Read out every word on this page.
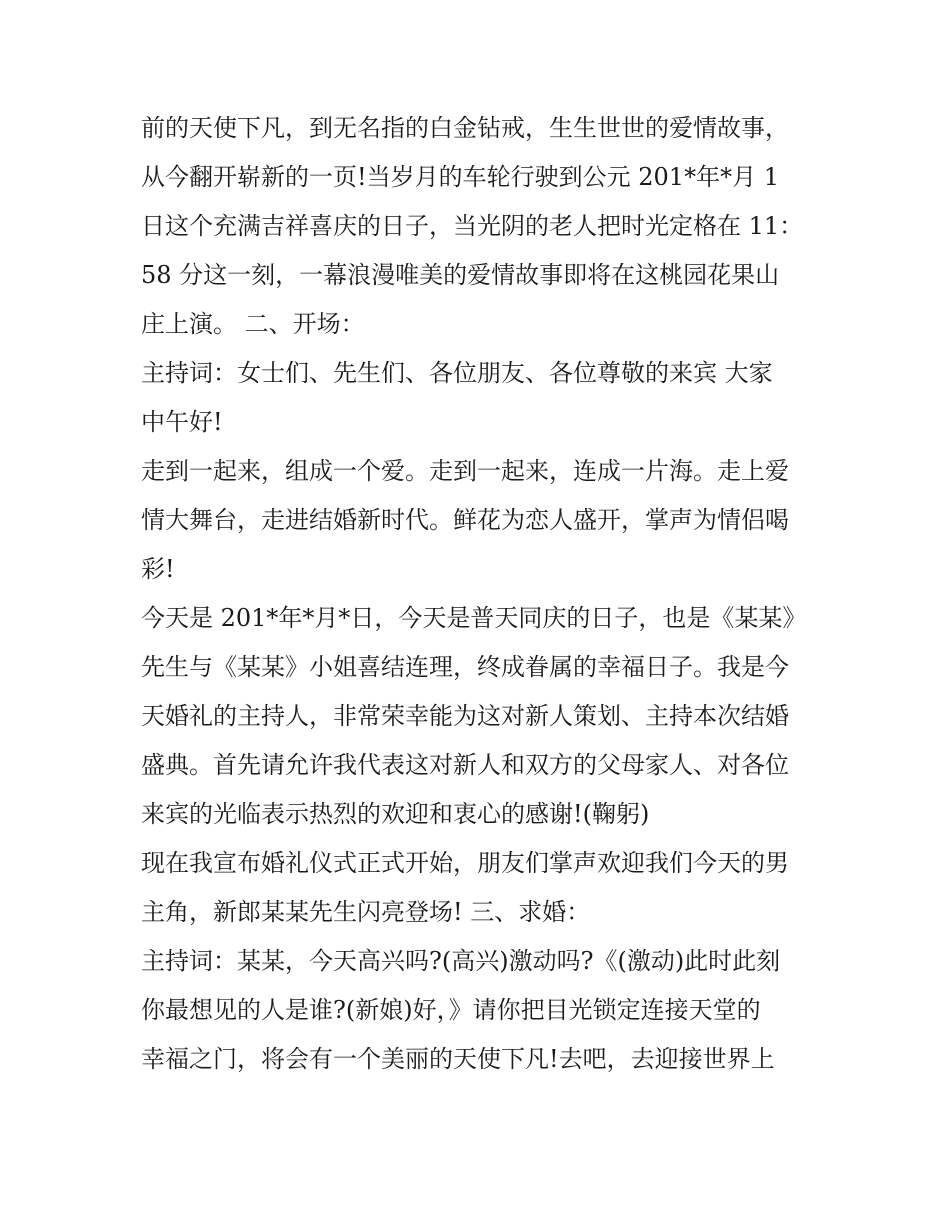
前的天使下凡，到无名指的白金钻戒，生生世世的爱情故事，
从今翻开崭新的一页!当岁月的车轮行驶到公元 201*年*月 1
日这个充满吉祥喜庆的日子，当光阴的老人把时光定格在 11：
58 分这一刻，一幕浪漫唯美的爱情故事即将在这桃园花果山
庄上演。 二、开场：
主持词：女士们、先生们、各位朋友、各位尊敬的来宾 大家
中午好!
走到一起来，组成一个爱。走到一起来，连成一片海。走上爱
情大舞台，走进结婚新时代。鲜花为恋人盛开，掌声为情侣喝
彩!
今天是 201*年*月*日，今天是普天同庆的日子，也是《某某》
先生与《某某》小姐喜结连理，终成眷属的幸福日子。我是今
天婚礼的主持人，非常荣幸能为这对新人策划、主持本次结婚
盛典。首先请允许我代表这对新人和双方的父母家人、对各位
来宾的光临表示热烈的欢迎和衷心的感谢!(鞠躬)
现在我宣布婚礼仪式正式开始，朋友们掌声欢迎我们今天的男
主角，新郎某某先生闪亮登场! 三、求婚：
主持词：某某，今天高兴吗?(高兴)激动吗?《(激动)此时此刻
你最想见的人是谁?(新娘)好，》请你把目光锁定连接天堂的
幸福之门，将会有一个美丽的天使下凡!去吧，去迎接世界上
